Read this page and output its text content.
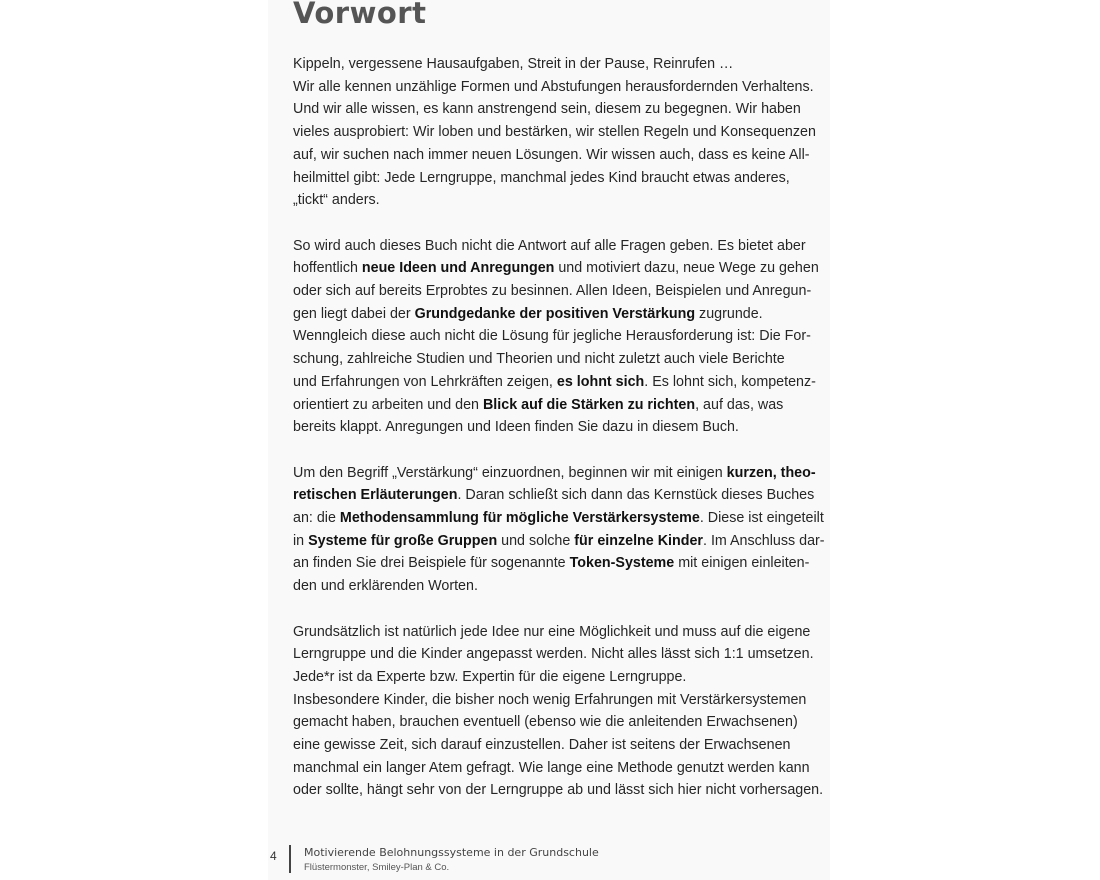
Vorwort

Kippeln, vergessene Hausaufgaben, Streit in der Pause, Reinrufen …
Wir alle kennen unzählige Formen und Abstufungen herausfordernden Verhaltens.
Und wir alle wissen, es kann anstrengend sein, diesem zu begegnen. Wir haben
vieles ausprobiert: Wir loben und bestärken, wir stellen Regeln und Konsequenzen
auf, wir suchen nach immer neuen Lösungen. Wir wissen auch, dass es keine All-
heilmittel gibt: Jede Lerngruppe, manchmal jedes Kind braucht etwas anderes,
„tickt“ anders.

So wird auch dieses Buch nicht die Antwort auf alle Fragen geben. Es bietet aber
hoffentlich neue Ideen und Anregungen und motiviert dazu, neue Wege zu gehen
oder sich auf bereits Erprobtes zu besinnen. Allen Ideen, Beispielen und Anregun-
gen liegt dabei der Grundgedanke der positiven Verstärkung zugrunde.
Wenngleich diese auch nicht die Lösung für jegliche Herausforderung ist: Die For-
schung, zahlreiche Studien und Theorien und nicht zuletzt auch viele Berichte
und Erfahrungen von Lehrkräften zeigen, es lohnt sich. Es lohnt sich, kompetenz-
orientiert zu arbeiten und den Blick auf die Stärken zu richten, auf das, was
bereits klappt. Anregungen und Ideen finden Sie dazu in diesem Buch.

Um den Begriff „Verstärkung“ einzuordnen, beginnen wir mit einigen kurzen, theo-
retischen Erläuterungen. Daran schließt sich dann das Kernstück dieses Buches
an: die Methodensammlung für mögliche Verstärkersysteme. Diese ist eingeteilt
in Systeme für große Gruppen und solche für einzelne Kinder. Im Anschluss dar-
an finden Sie drei Beispiele für sogenannte Token-Systeme mit einigen einleiten-
den und erklärenden Worten.

Grundsätzlich ist natürlich jede Idee nur eine Möglichkeit und muss auf die eigene
Lerngruppe und die Kinder angepasst werden. Nicht alles lässt sich 1:1 umsetzen.
Jede*r ist da Experte bzw. Expertin für die eigene Lerngruppe.
Insbesondere Kinder, die bisher noch wenig Erfahrungen mit Verstärkersystemen
gemacht haben, brauchen eventuell (ebenso wie die anleitenden Erwachsenen)
eine gewisse Zeit, sich darauf einzustellen. Daher ist seitens der Erwachsenen
manchmal ein langer Atem gefragt. Wie lange eine Methode genutzt werden kann
oder sollte, hängt sehr von der Lerngruppe ab und lässt sich hier nicht vorhersagen.

4 Motivierende Belohnungssysteme in der Grundschule
Flüstermonster, Smiley-Plan & Co.
